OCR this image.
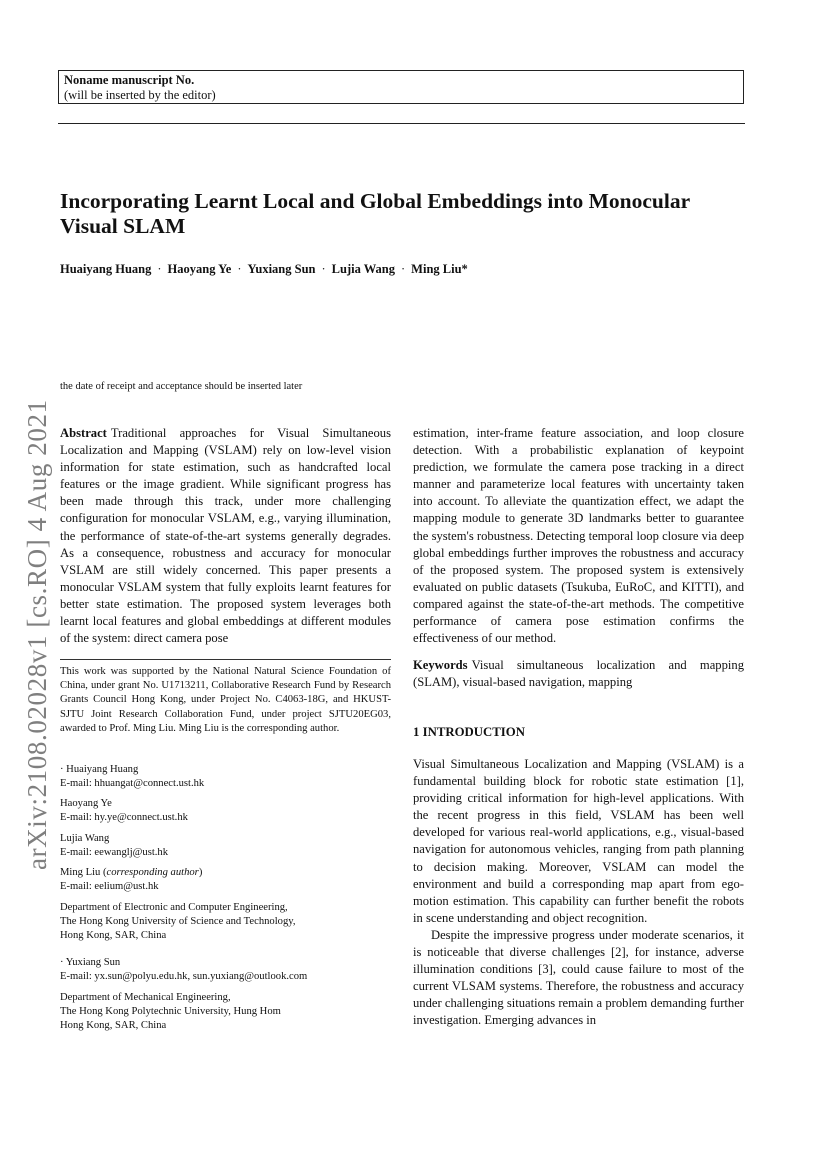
Noname manuscript No.
(will be inserted by the editor)
Incorporating Learnt Local and Global Embeddings into Monocular Visual SLAM
Huaiyang Huang · Haoyang Ye · Yuxiang Sun · Lujia Wang · Ming Liu*
arXiv:2108.02028v1 [cs.RO] 4 Aug 2021
the date of receipt and acceptance should be inserted later
Abstract Traditional approaches for Visual Simultaneous Localization and Mapping (VSLAM) rely on low-level vision information for state estimation, such as handcrafted local features or the image gradient. While significant progress has been made through this track, under more challenging configuration for monocular VSLAM, e.g., varying illumination, the performance of state-of-the-art systems generally degrades. As a consequence, robustness and accuracy for monocular VSLAM are still widely concerned. This paper presents a monocular VSLAM system that fully exploits learnt features for better state estimation. The proposed system leverages both learnt local features and global embeddings at different modules of the system: direct camera pose
This work was supported by the National Natural Science Foundation of China, under grant No. U1713211, Collaborative Research Fund by Research Grants Council Hong Kong, under Project No. C4063-18G, and HKUST-SJTU Joint Research Collaboration Fund, under project SJTU20EG03, awarded to Prof. Ming Liu. Ming Liu is the corresponding author.
· Huaiyang Huang
E-mail: hhuangat@connect.ust.hk
Haoyang Ye
E-mail: hy.ye@connect.ust.hk
Lujia Wang
E-mail: eewanglj@ust.hk
Ming Liu (corresponding author)
E-mail: eelium@ust.hk
Department of Electronic and Computer Engineering,
The Hong Kong University of Science and Technology,
Hong Kong, SAR, China
· Yuxiang Sun
E-mail: yx.sun@polyu.edu.hk, sun.yuxiang@outlook.com
Department of Mechanical Engineering,
The Hong Kong Polytechnic University, Hung Hom
Hong Kong, SAR, China
estimation, inter-frame feature association, and loop closure detection. With a probabilistic explanation of keypoint prediction, we formulate the camera pose tracking in a direct manner and parameterize local features with uncertainty taken into account. To alleviate the quantization effect, we adapt the mapping module to generate 3D landmarks better to guarantee the system's robustness. Detecting temporal loop closure via deep global embeddings further improves the robustness and accuracy of the proposed system. The proposed system is extensively evaluated on public datasets (Tsukuba, EuRoC, and KITTI), and compared against the state-of-the-art methods. The competitive performance of camera pose estimation confirms the effectiveness of our method.
Keywords Visual simultaneous localization and mapping (SLAM), visual-based navigation, mapping
1 INTRODUCTION

Visual Simultaneous Localization and Mapping (VSLAM) is a fundamental building block for robotic state estimation [1], providing critical information for high-level applications. With the recent progress in this field, VSLAM has been well developed for various real-world applications, e.g., visual-based navigation for autonomous vehicles, ranging from path planning to decision making. Moreover, VSLAM can model the environment and build a corresponding map apart from ego-motion estimation. This capability can further benefit the robots in scene understanding and object recognition.

Despite the impressive progress under moderate scenarios, it is noticeable that diverse challenges [2], for instance, adverse illumination conditions [3], could cause failure to most of the current VLSAM systems. Therefore, the robustness and accuracy under challenging situations remain a problem demanding further investigation. Emerging advances in
